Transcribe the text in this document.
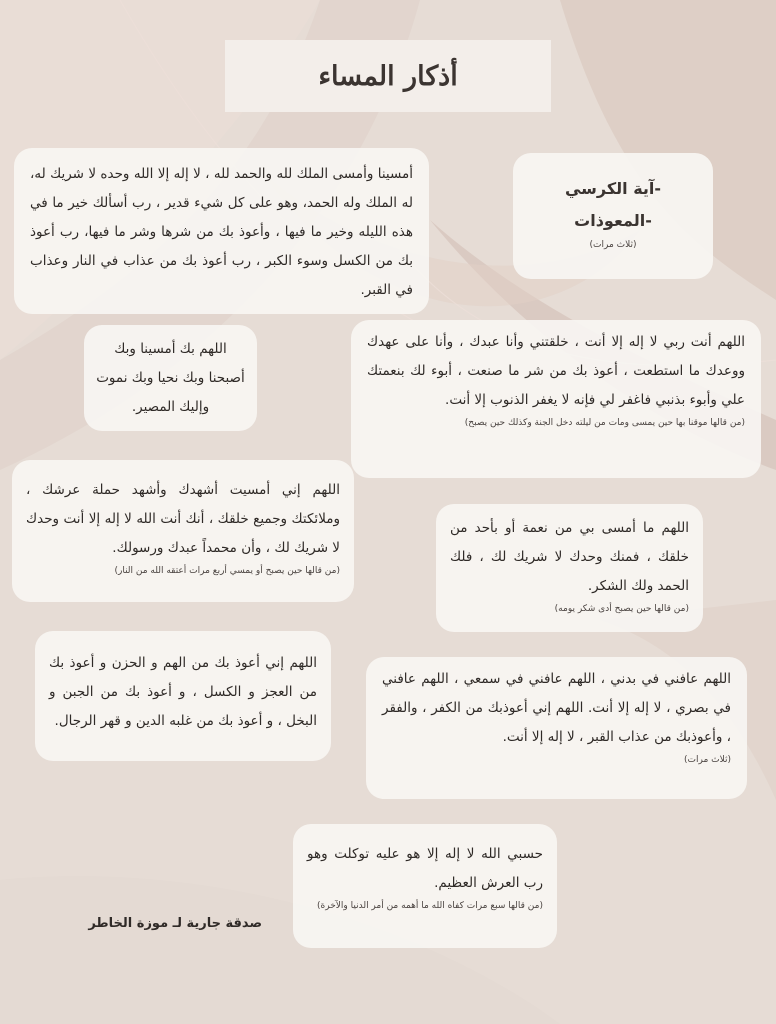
أذكار المساء
أمسينا وأمسى الملك لله والحمد لله ، لا إله إلا الله وحده لا شريك له، له الملك وله الحمد، وهو على كل شيء قدير ، رب أسألك خير ما في هذه الليله وخير ما فيها ، وأعوذ بك من شرها وشر ما فيها، رب أعوذ بك من الكسل وسوء الكبر ، رب أعوذ بك من عذاب في النار وعذاب في القبر.
-آية الكرسي
-المعوذات
(ثلاث مرات)
اللهم بك أمسينا وبك أصبحنا وبك نحيا وبك نموت وإليك المصير.
اللهم أنت ربي لا إله إلا أنت ، خلقتني وأنا عبدك ، وأنا على عهدك ووعدك ما استطعت ، أعوذ بك من شر ما صنعت ، أبوء لك بنعمتك علي وأبوء بذنبي فاغفر لي فإنه لا يغفر الذنوب إلا أنت.
(من قالها موقنا بها حين يمسى ومات من ليلته دخل الجنة وكذلك حين يصبح)
اللهم إني أمسيت أشهدك وأشهد حملة عرشك ، وملائكتك وجميع خلقك ، أنك أنت الله لا إله إلا أنت وحدك لا شريك لك ، وأن محمداً عبدك ورسولك.
(من قالها حين يصبح أو يمسي أربع مرات أعتقه الله من النار)
اللهم ما أمسى بي من نعمة أو بأحد من خلقك ، فمنك وحدك لا شريك لك ، فلك الحمد ولك الشكر.
(من قالها حين يصبح أدى شكر يومه)
اللهم إني أعوذ بك من الهم و الحزن و أعوذ بك من العجز و الكسل ، و أعوذ بك من الجبن و البخل ، و أعوذ بك من غلبه الدين و قهر الرجال.
اللهم عافني في بدني ، اللهم عافني في سمعي ، اللهم عافني في بصري ، لا إله إلا أنت. اللهم إني أعوذبك من الكفر ، والفقر ، وأعوذبك من عذاب القبر ، لا إله إلا أنت.
(ثلاث مرات)
حسبي الله لا إله إلا هو عليه توكلت وهو رب العرش العظيم.
(من قالها سبع مرات كفاه الله ما أهمه من أمر الدنيا والآخرة)
صدقة جارية لـ موزة الخاطر
